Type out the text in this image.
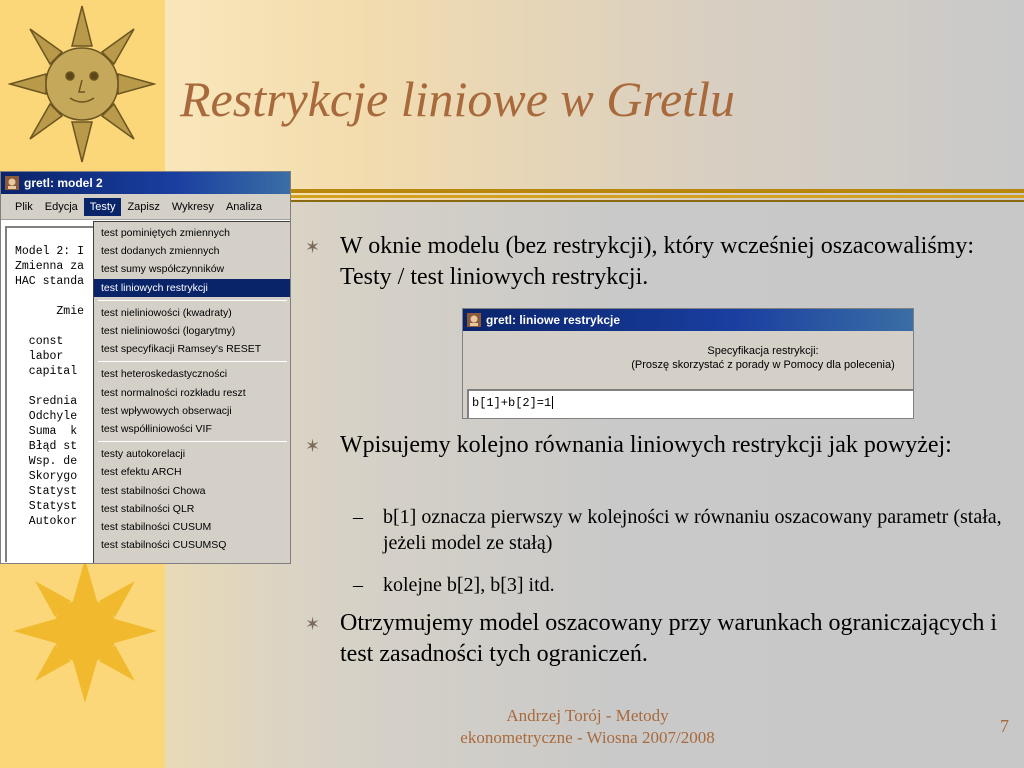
Restrykcje liniowe w Gretlu
gretl: model 2
Plik	Edycja	Testy	Zapisz	Wykresy	Analiza
Model 2: I
Zmienna za
HAC standa

Zmie

const
labor
capital

Srednia
Odchyle
Suma  k
Błąd st
Wsp. de
Skorygo
Statyst
Statyst
Autokor
test pominiętych zmiennych
test dodanych zmiennych
test sumy współczynników
test liniowych restrykcji
test nieliniowości (kwadraty)
test nieliniowości (logarytmy)
test specyfikacji Ramsey's RESET
test heteroskedastyczności
test normalności rozkładu reszt
test wpływowych obserwacji
test współliniowości VIF
testy autokorelacji
test efektu ARCH
test stabilności Chowa
test stabilności QLR
test stabilności CUSUM
test stabilności CUSUMSQ
gretl: liniowe restrykcje
Specyfikacja restrykcji:
(Proszę skorzystać z porady w Pomocy dla polecenia)
b[1]+b[2]=1
✶ W oknie modelu (bez restrykcji), który wcześniej oszacowaliśmy: Testy / test liniowych restrykcji.
✶ Wpisujemy kolejno równania liniowych restrykcji jak powyżej:
– b[1] oznacza pierwszy w kolejności w równaniu oszacowany parametr (stała, jeżeli model ze stałą)
– kolejne b[2], b[3] itd.
✶ Otrzymujemy model oszacowany przy warunkach ograniczających i test zasadności tych ograniczeń.
Andrzej Torój - Metody
ekonometryczne - Wiosna 2007/2008
7
